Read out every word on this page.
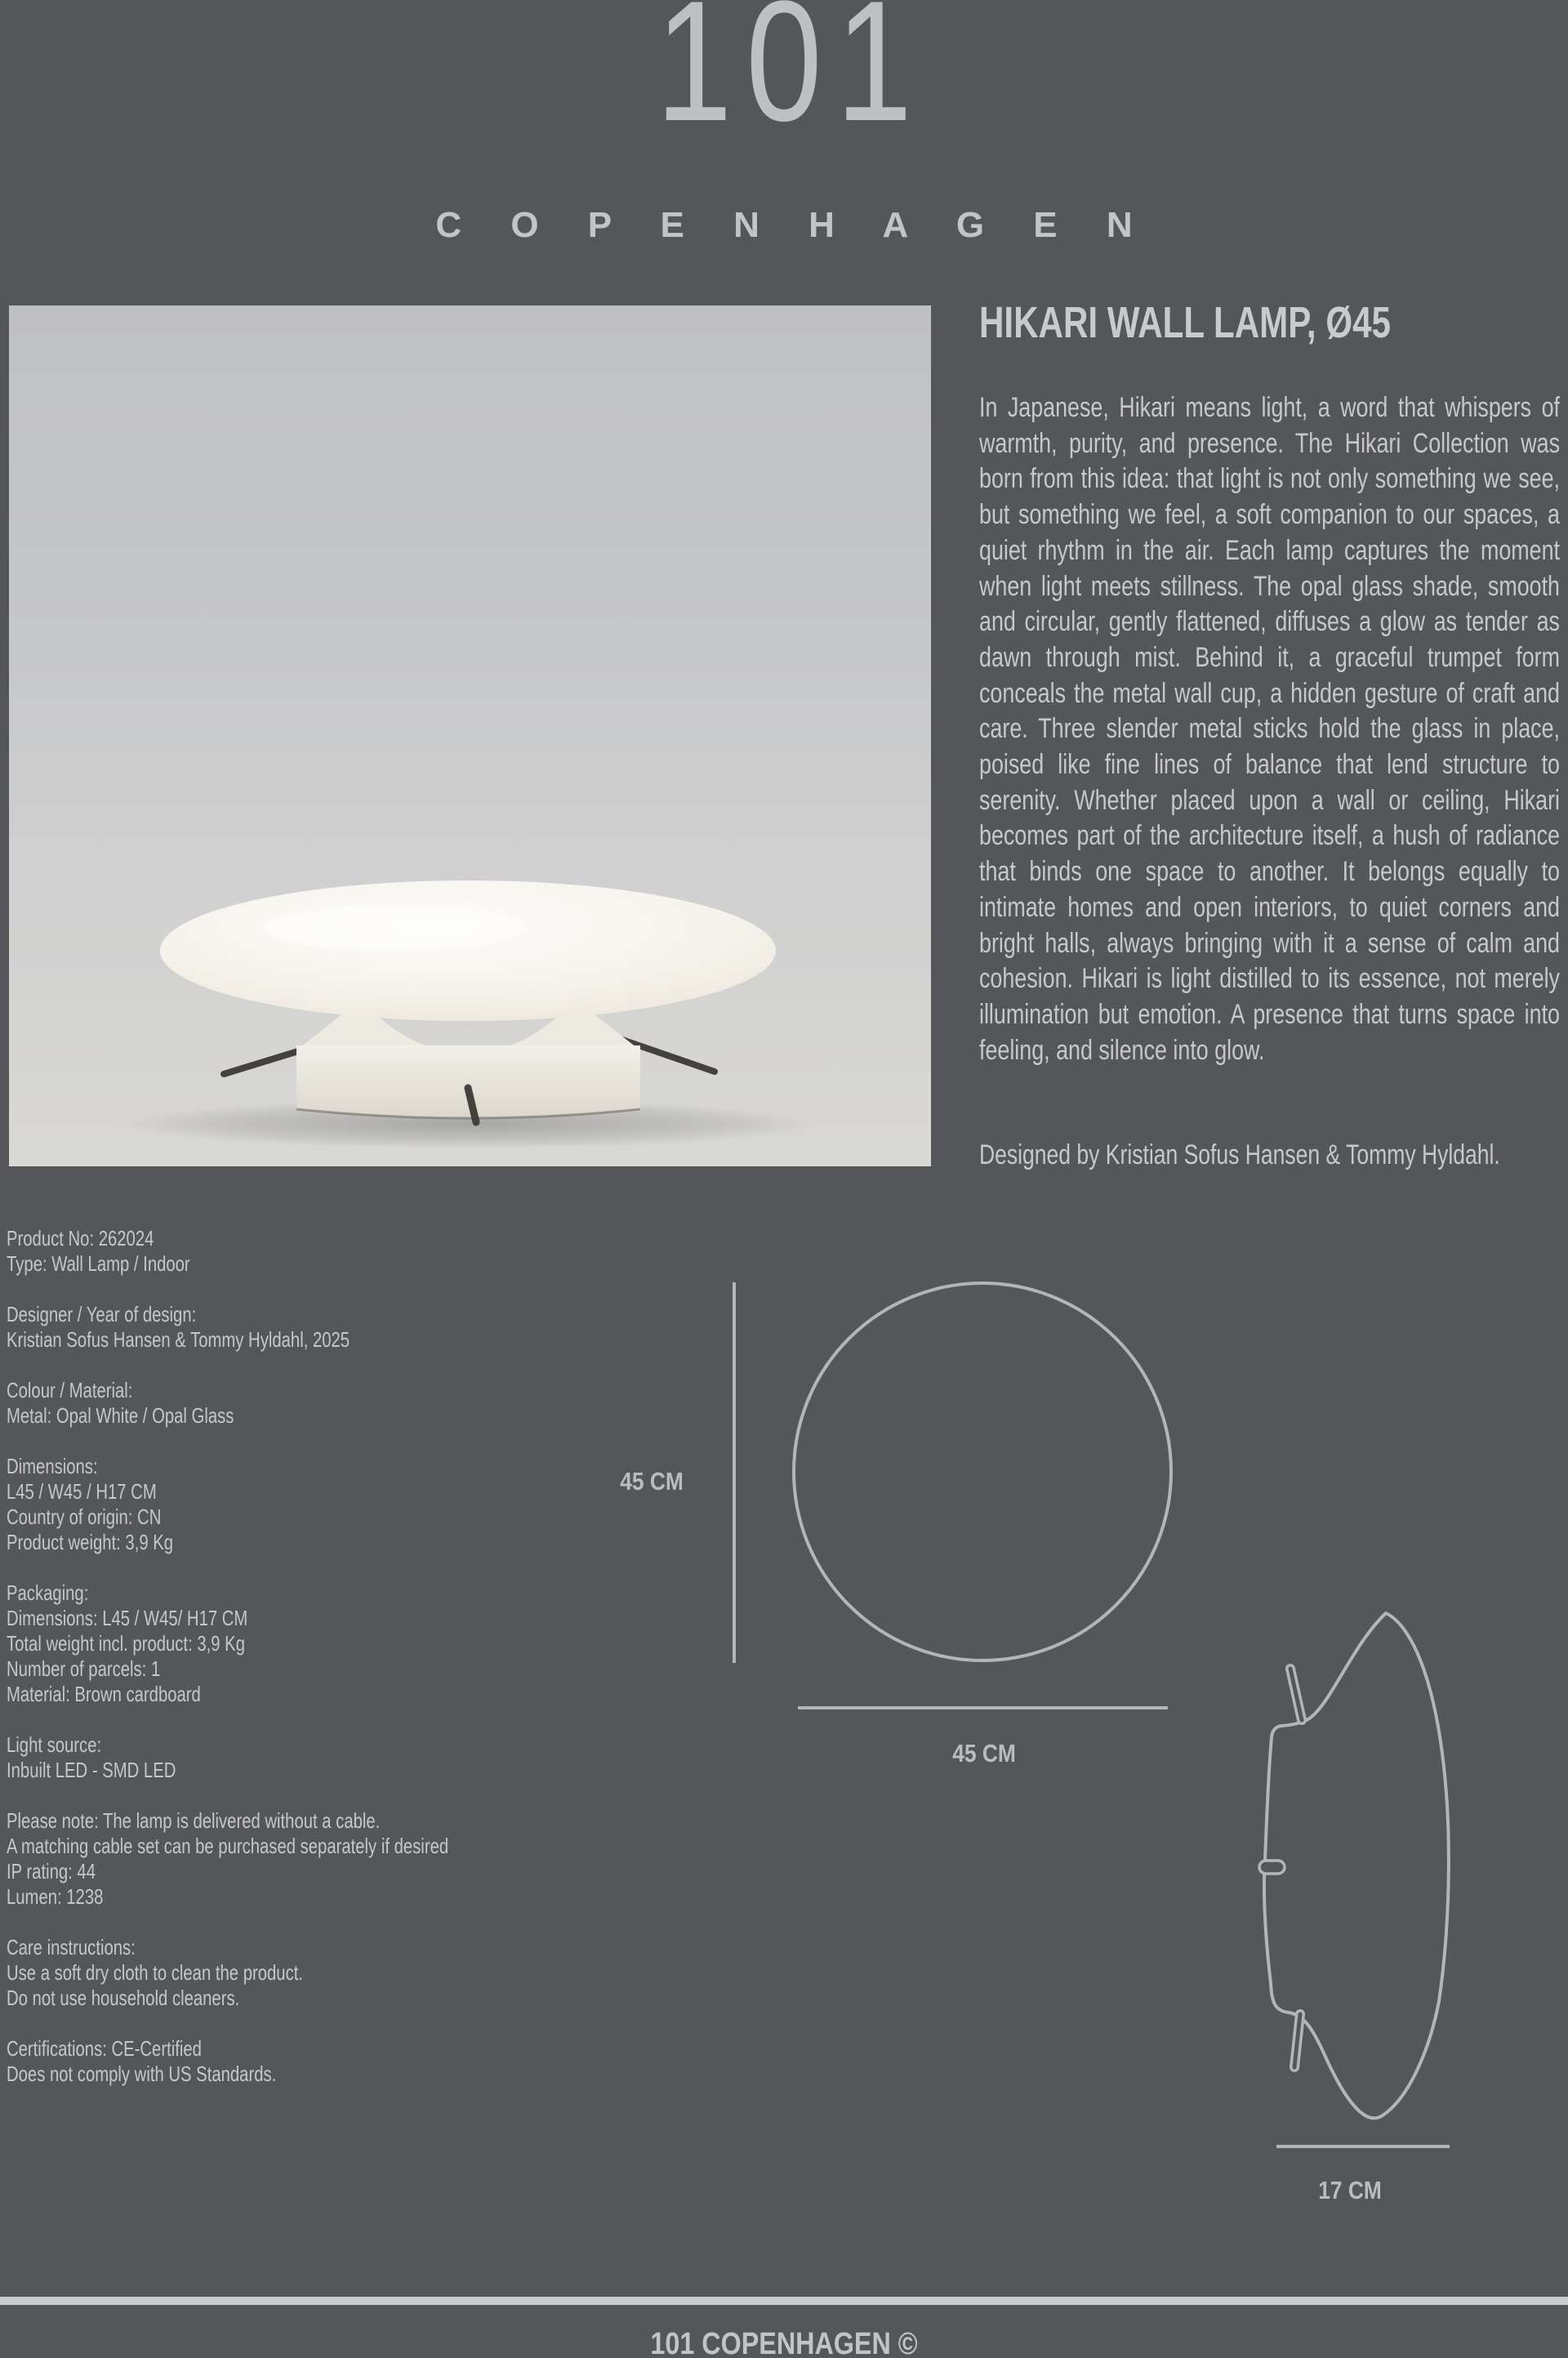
101
C O P E N H A G E N
HIKARI WALL LAMP, Ø45

In Japanese, Hikari means light, a word that whispers of warmth, purity, and presence. The Hikari Collection was born from this idea: that light is not only something we see, but something we feel, a soft companion to our spaces, a quiet rhythm in the air. Each lamp captures the moment when light meets stillness. The opal glass shade, smooth and circular, gently flattened, diffuses a glow as tender as dawn through mist. Behind it, a graceful trumpet form conceals the metal wall cup, a hidden gesture of craft and care. Three slender metal sticks hold the glass in place, poised like fine lines of balance that lend structure to serenity. Whether placed upon a wall or ceiling, Hikari becomes part of the architecture itself, a hush of radiance that binds one space to another. It belongs equally to intimate homes and open interiors, to quiet corners and bright halls, always bringing with it a sense of calm and cohesion. Hikari is light distilled to its essence, not merely illumination but emotion. A presence that turns space into feeling, and silence into glow.

Designed by Kristian Sofus Hansen & Tommy Hyldahl.
Product No: 262024
Type: Wall Lamp / Indoor
Designer / Year of design:
Kristian Sofus Hansen & Tommy Hyldahl, 2025
Colour / Material:
Metal: Opal White / Opal Glass
Dimensions:
L45 / W45 / H17 CM
Country of origin: CN
Product weight: 3,9 Kg
Packaging:
Dimensions: L45 / W45/ H17 CM
Total weight incl. product: 3,9 Kg
Number of parcels: 1
Material: Brown cardboard
Light source:
Inbuilt LED - SMD LED
Please note: The lamp is delivered without a cable.
A matching cable set can be purchased separately if desired
IP rating: 44
Lumen: 1238
Care instructions:
Use a soft dry cloth to clean the product.
Do not use household cleaners.
Certifications: CE-Certified
Does not comply with US Standards.
45 CM
45 CM
17 CM
101 COPENHAGEN ©
